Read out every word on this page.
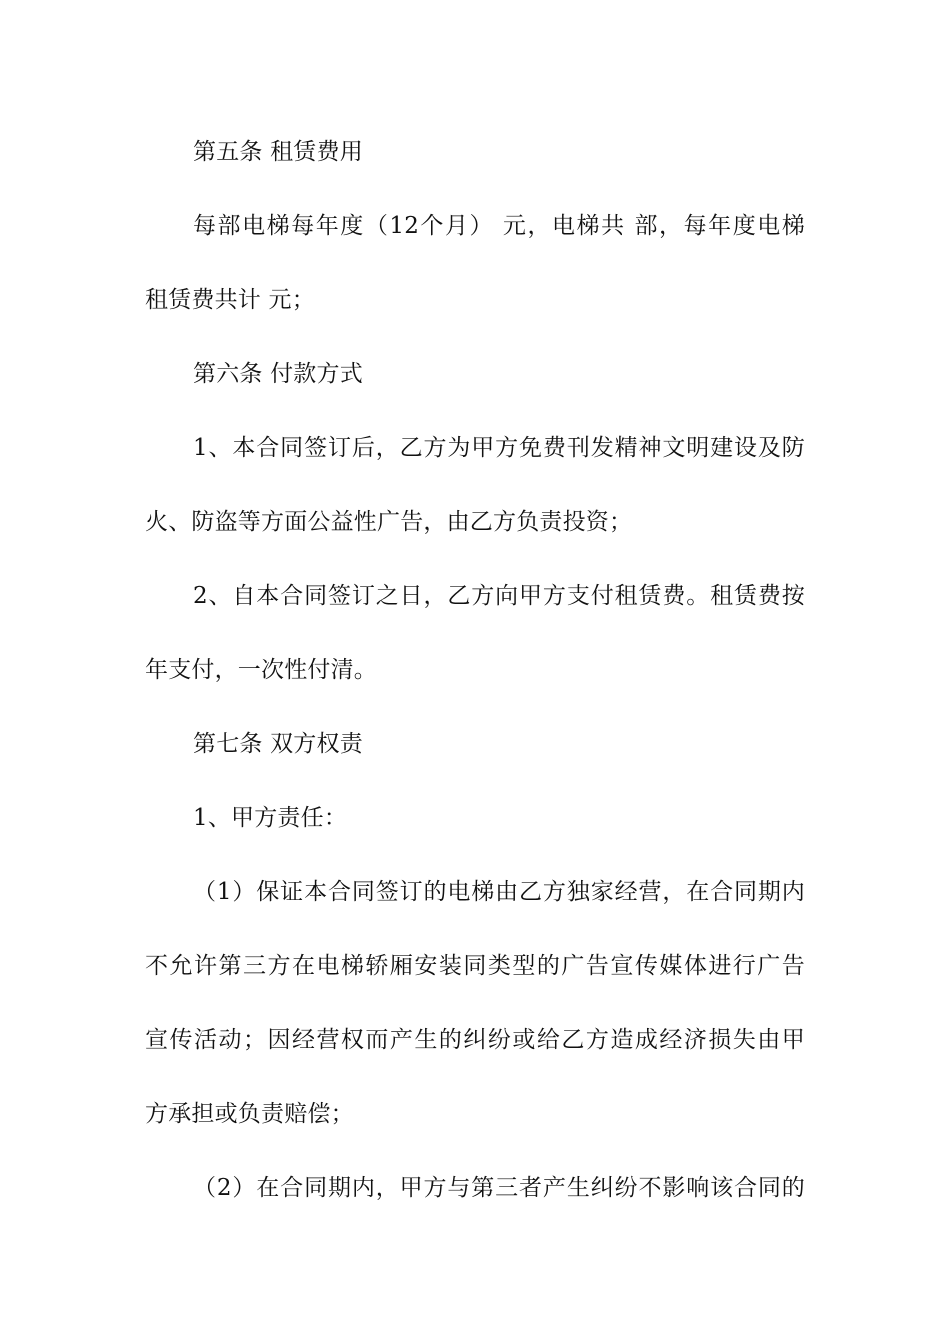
第五条 租赁费用
每部电梯每年度（12个月） 元，电梯共 部，每年度电梯
租赁费共计 元；
第六条 付款方式
1、本合同签订后，乙方为甲方免费刊发精神文明建设及防
火、防盗等方面公益性广告，由乙方负责投资；
2、自本合同签订之日，乙方向甲方支付租赁费。租赁费按
年支付，一次性付清。
第七条 双方权责
1、甲方责任：
（1）保证本合同签订的电梯由乙方独家经营，在合同期内
不允许第三方在电梯轿厢安装同类型的广告宣传媒体进行广告
宣传活动；因经营权而产生的纠纷或给乙方造成经济损失由甲
方承担或负责赔偿；
（2）在合同期内，甲方与第三者产生纠纷不影响该合同的
